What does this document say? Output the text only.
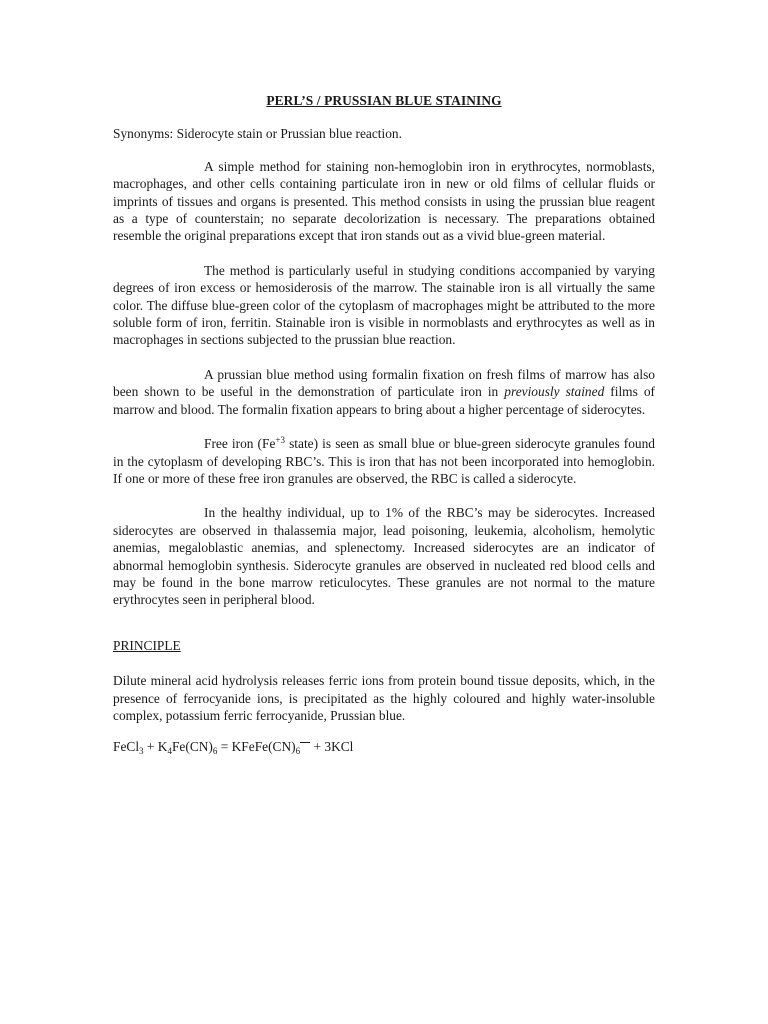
PERL’S / PRUSSIAN BLUE STAINING
Synonyms: Siderocyte stain or Prussian blue reaction.

A simple method for staining non-hemoglobin iron in erythrocytes, normoblasts, macrophages, and other cells containing particulate iron in new or old films of cellular fluids or imprints of tissues and organs is presented. This method consists in using the prussian blue reagent as a type of counterstain; no separate decolorization is necessary. The preparations obtained resemble the original preparations except that iron stands out as a vivid blue-green material.

The method is particularly useful in studying conditions accompanied by varying degrees of iron excess or hemosiderosis of the marrow. The stainable iron is all virtually the same color. The diffuse blue-green color of the cytoplasm of macrophages might be attributed to the more soluble form of iron, ferritin. Stainable iron is visible in normoblasts and erythrocytes as well as in macrophages in sections subjected to the prussian blue reaction.

A prussian blue method using formalin fixation on fresh films of marrow has also been shown to be useful in the demonstration of particulate iron in previously stained films of marrow and blood. The formalin fixation appears to bring about a higher percentage of siderocytes.

Free iron ($Fe^{+3}$ state) is seen as small blue or blue-green siderocyte granules found in the cytoplasm of developing RBC’s. This is iron that has not been incorporated into hemoglobin. If one or more of these free iron granules are observed, the RBC is called a siderocyte.

In the healthy individual, up to 1% of the RBC’s may be siderocytes. Increased siderocytes are observed in thalassemia major, lead poisoning, leukemia, alcoholism, hemolytic anemias, megaloblastic anemias, and splenectomy. Increased siderocytes are an indicator of abnormal hemoglobin synthesis. Siderocyte granules are observed in nucleated red blood cells and may be found in the bone marrow reticulocytes. These granules are not normal to the mature erythrocytes seen in peripheral blood.

PRINCIPLE

Dilute mineral acid hydrolysis releases ferric ions from protein bound tissue deposits, which, in the presence of ferrocyanide ions, is precipitated as the highly coloured and highly water-insoluble complex, potassium ferric ferrocyanide, Prussian blue.

FeCl$_3$ + $K_4Fe(CN)_6$ = $KFeFe(CN)_6 + 3KCl$
